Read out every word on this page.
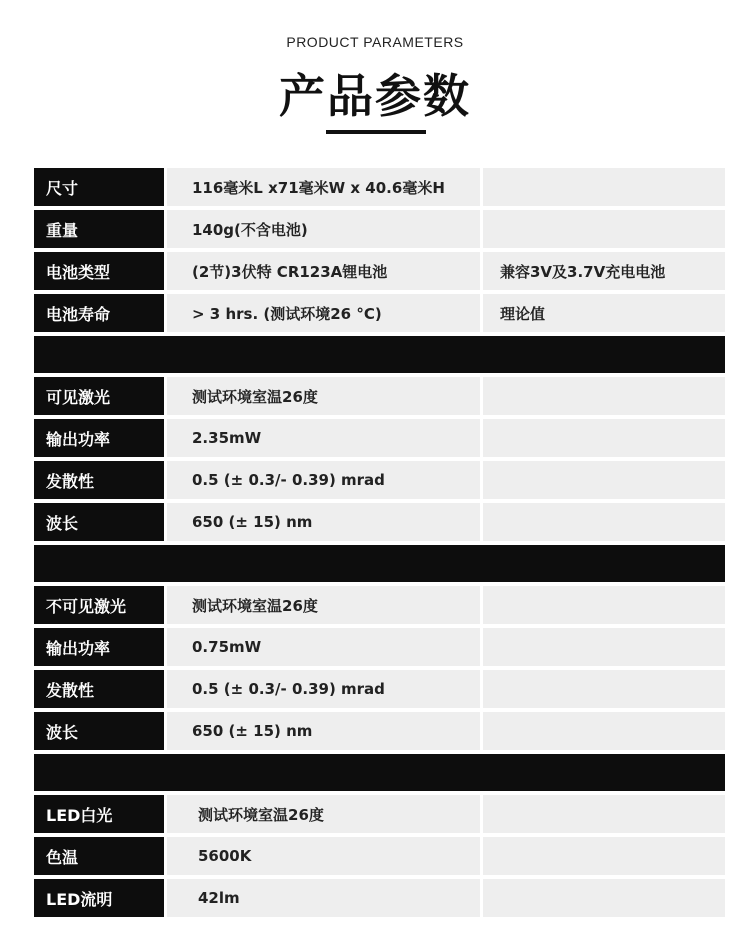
PRODUCT PARAMETERS
产品参数
尺寸	116毫米L x71毫米W x 40.6毫米H
重量	140g(不含电池)
电池类型	(2节)3伏特 CR123A锂电池	兼容3V及3.7V充电电池
电池寿命	> 3 hrs. (测试环境26 °C)	理论值
可见激光	测试环境室温26度
输出功率	2.35mW
发散性	0.5 (± 0.3/- 0.39) mrad
波长	650 (± 15) nm
不可见激光	测试环境室温26度
输出功率	0.75mW
发散性	0.5 (± 0.3/- 0.39) mrad
波长	650 (± 15) nm
LED白光	测试环境室温26度
色温	5600K
LED流明	42lm
